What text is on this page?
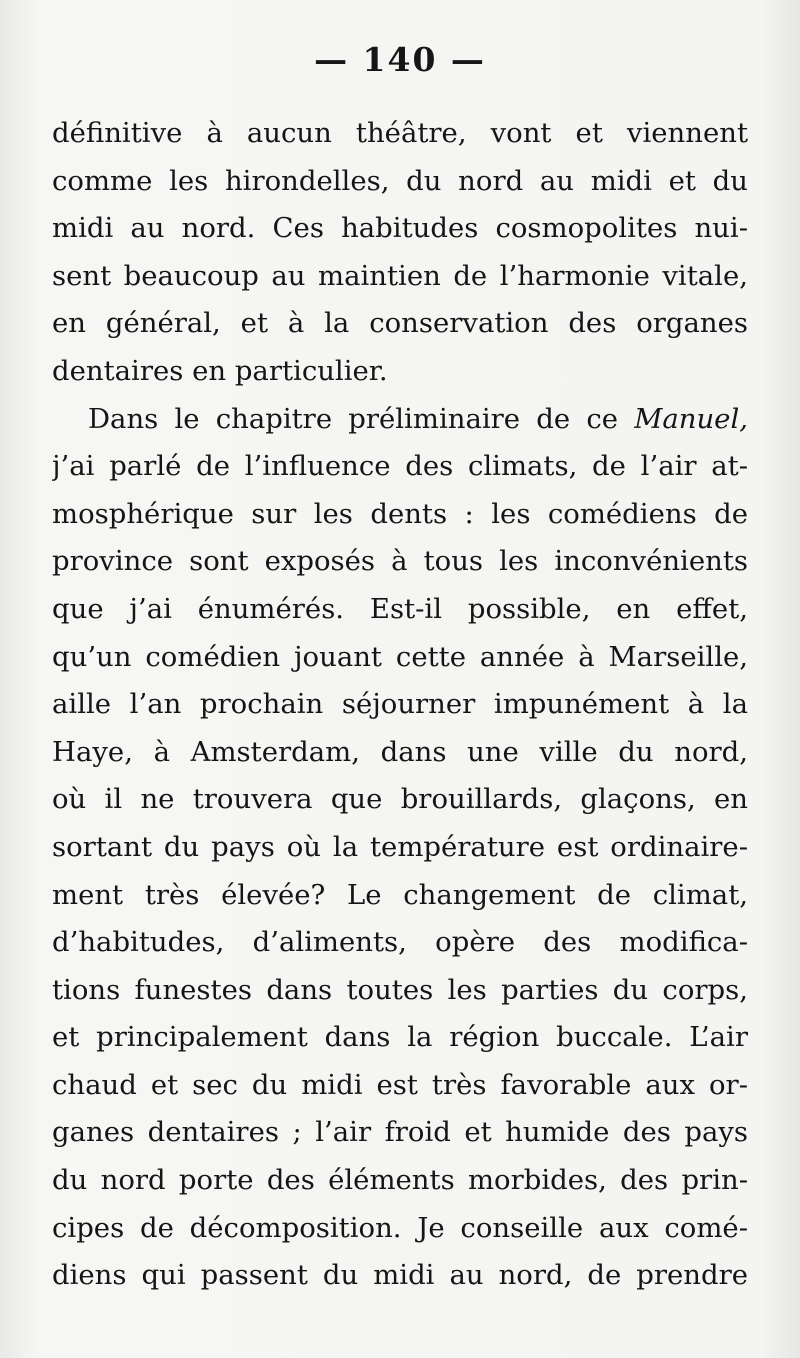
— 140 —
définitive à aucun théâtre, vont et viennent
comme les hirondelles, du nord au midi et du
midi au nord. Ces habitudes cosmopolites nui-
sent beaucoup au maintien de l’harmonie vitale,
en général, et à la conservation des organes
dentaires en particulier.
Dans le chapitre préliminaire de ce Manuel,
j’ai parlé de l’influence des climats, de l’air at-
mosphérique sur les dents : les comédiens de
province sont exposés à tous les inconvénients
que j’ai énumérés. Est-il possible, en effet,
qu’un comédien jouant cette année à Marseille,
aille l’an prochain séjourner impunément à la
Haye, à Amsterdam, dans une ville du nord,
où il ne trouvera que brouillards, glaçons, en
sortant du pays où la température est ordinaire-
ment très élevée? Le changement de climat,
d’habitudes, d’aliments, opère des modifica-
tions funestes dans toutes les parties du corps,
et principalement dans la région buccale. L’air
chaud et sec du midi est très favorable aux or-
ganes dentaires ; l’air froid et humide des pays
du nord porte des éléments morbides, des prin-
cipes de décomposition. Je conseille aux comé-
diens qui passent du midi au nord, de prendre
